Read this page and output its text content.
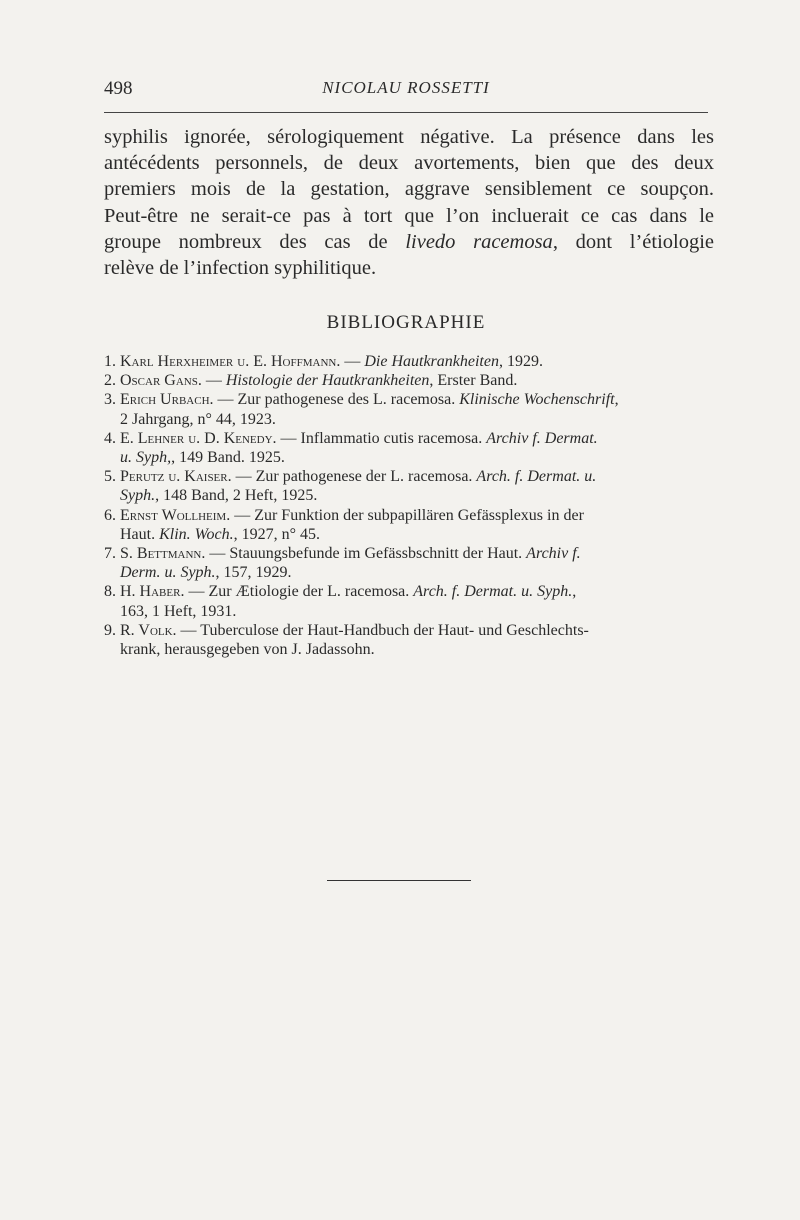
498	NICOLAU ROSSETTI
syphilis ignorée, sérologiquement négative. La présence dans les
antécédents personnels, de deux avortements, bien que des deux
premiers mois de la gestation, aggrave sensiblement ce soupçon.
Peut-être ne serait-ce pas à tort que l’on incluerait ce cas dans le
groupe nombreux des cas de livedo racemosa, dont l’étiologie
relève de l’infection syphilitique.
BIBLIOGRAPHIE
1. Karl Herxheimer u. E. Hoffmann. — Die Hautkrankheiten, 1929.
2. Oscar Gans. — Histologie der Hautkrankheiten, Erster Band.
3. Erich Urbach. — Zur pathogenese des L. racemosa. Klinische Wochenschrift,
2 Jahrgang, n° 44, 1923.
4. E. Lehner u. D. Kenedy. — Inflammatio cutis racemosa. Archiv f. Dermat.
u. Syph,, 149 Band. 1925.
5. Perutz u. Kaiser. — Zur pathogenese der L. racemosa. Arch. f. Dermat. u.
Syph., 148 Band, 2 Heft, 1925.
6. Ernst Wollheim. — Zur Funktion der subpapillären Gefässplexus in der
Haut. Klin. Woch., 1927, n° 45.
7. S. Bettmann. — Stauungsbefunde im Gefässbschnitt der Haut. Archiv f.
Derm. u. Syph., 157, 1929.
8. H. Haber. — Zur Ætiologie der L. racemosa. Arch. f. Dermat. u. Syph.,
163, 1 Heft, 1931.
9. R. Volk. — Tuberculose der Haut-Handbuch der Haut- und Geschlechts-
krank, herausgegeben von J. Jadassohn.
